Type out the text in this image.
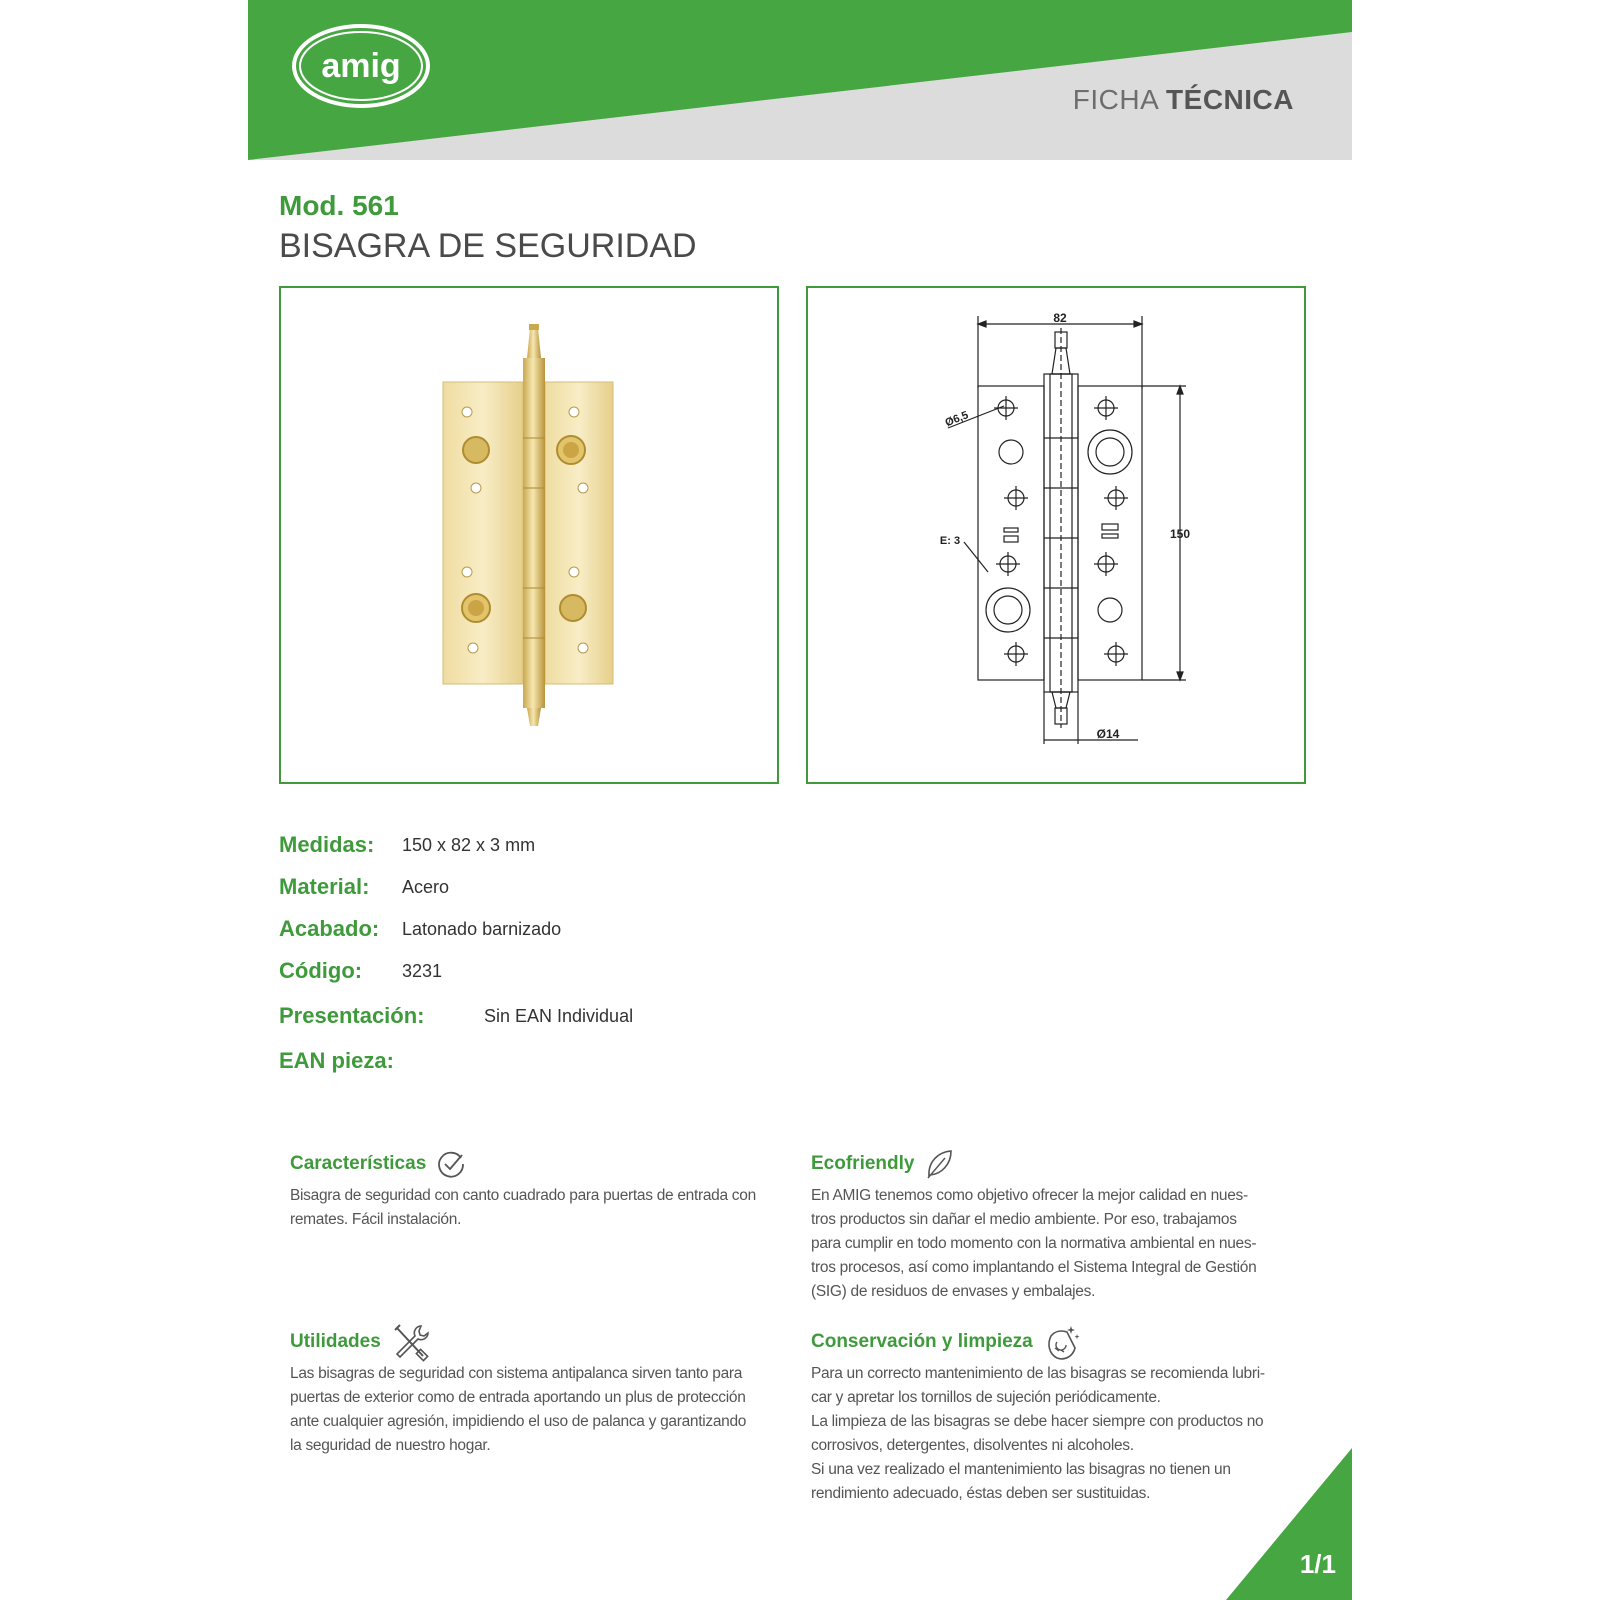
amig
FICHA TÉCNICA
Mod. 561
BISAGRA DE SEGURIDAD
82
150
Ø14
Ø6,5
E: 3
Medidas: 150 x 82 x 3 mm
Material: Acero
Acabado: Latonado barnizado
Código: 3231
Presentación:	Sin EAN Individual
EAN pieza:
Características

Bisagra de seguridad con canto cuadrado para puertas de entrada con

remates. Fácil instalación.

Ecofriendly

En AMIG tenemos como objetivo ofrecer la mejor calidad en nues-

tros productos sin dañar el medio ambiente. Por eso, trabajamos

para cumplir en todo momento con la normativa ambiental en nues-

tros procesos, así como implantando el Sistema Integral de Gestión

(SIG) de residuos de envases y embalajes.

Utilidades

Las bisagras de seguridad con sistema antipalanca sirven tanto para

puertas de exterior como de entrada aportando un plus de protección

ante cualquier agresión, impidiendo el uso de palanca y garantizando

la seguridad de nuestro hogar.

Conservación y limpieza

Para un correcto mantenimiento de las bisagras se recomienda lubri-

car y apretar los tornillos de sujeción periódicamente.

La limpieza de las bisagras se debe hacer siempre con productos no

corrosivos, detergentes, disolventes ni alcoholes.

Si una vez realizado el mantenimiento las bisagras no tienen un

rendimiento adecuado, éstas deben ser sustituidas.

1/1
